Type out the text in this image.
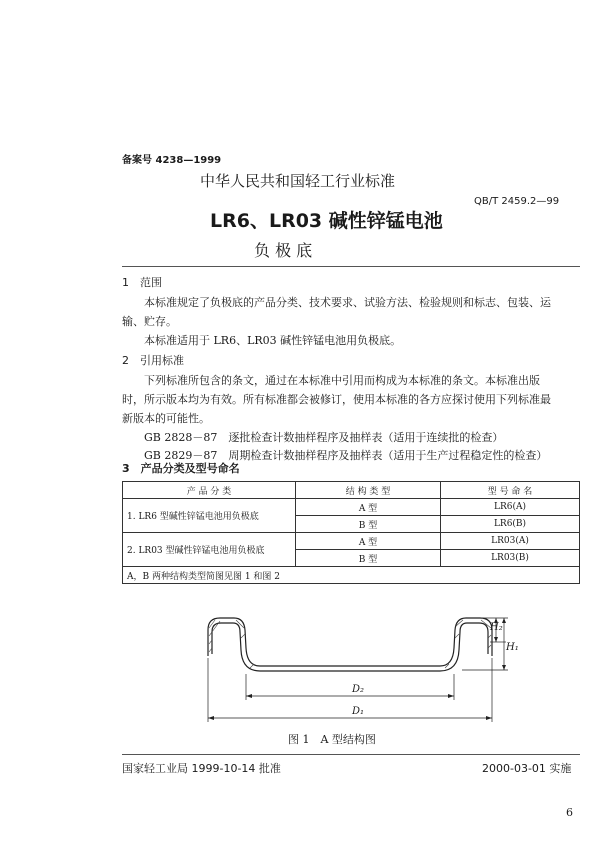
备案号 4238—1999
中华人民共和国轻工行业标准
QB/T 2459.2—99
LR6、LR03 碱性锌锰电池
负 极 底
1　范围
本标准规定了负极底的产品分类、技术要求、试验方法、检验规则和标志、包装、运
输、贮存。
本标准适用于 LR6、LR03 碱性锌锰电池用负极底。
2　引用标准
下列标准所包含的条文，通过在本标准中引用而构成为本标准的条文。本标准出版
时，所示版本均为有效。所有标准都会被修订，使用本标准的各方应探讨使用下列标准最
新版本的可能性。
GB 2828－87　逐批检查计数抽样程序及抽样表（适用于连续批的检查）
GB 2829－87　周期检查计数抽样程序及抽样表（适用于生产过程稳定性的检查）
3　产品分类及型号命名
产 品 分 类	结 构 类 型	型 号 命 名
1. LR6 型碱性锌锰电池用负极底	A 型	LR6(A)
	B 型	LR6(B)
2. LR03 型碱性锌锰电池用负极底	A 型	LR03(A)
	B 型	LR03(B)
A，B 两种结构类型简图见图 1 和图 2		
H₂
H₁
D₂
D₁
图 1　A 型结构图
国家轻工业局 1999-10-14 批准	2000-03-01 实施
6
